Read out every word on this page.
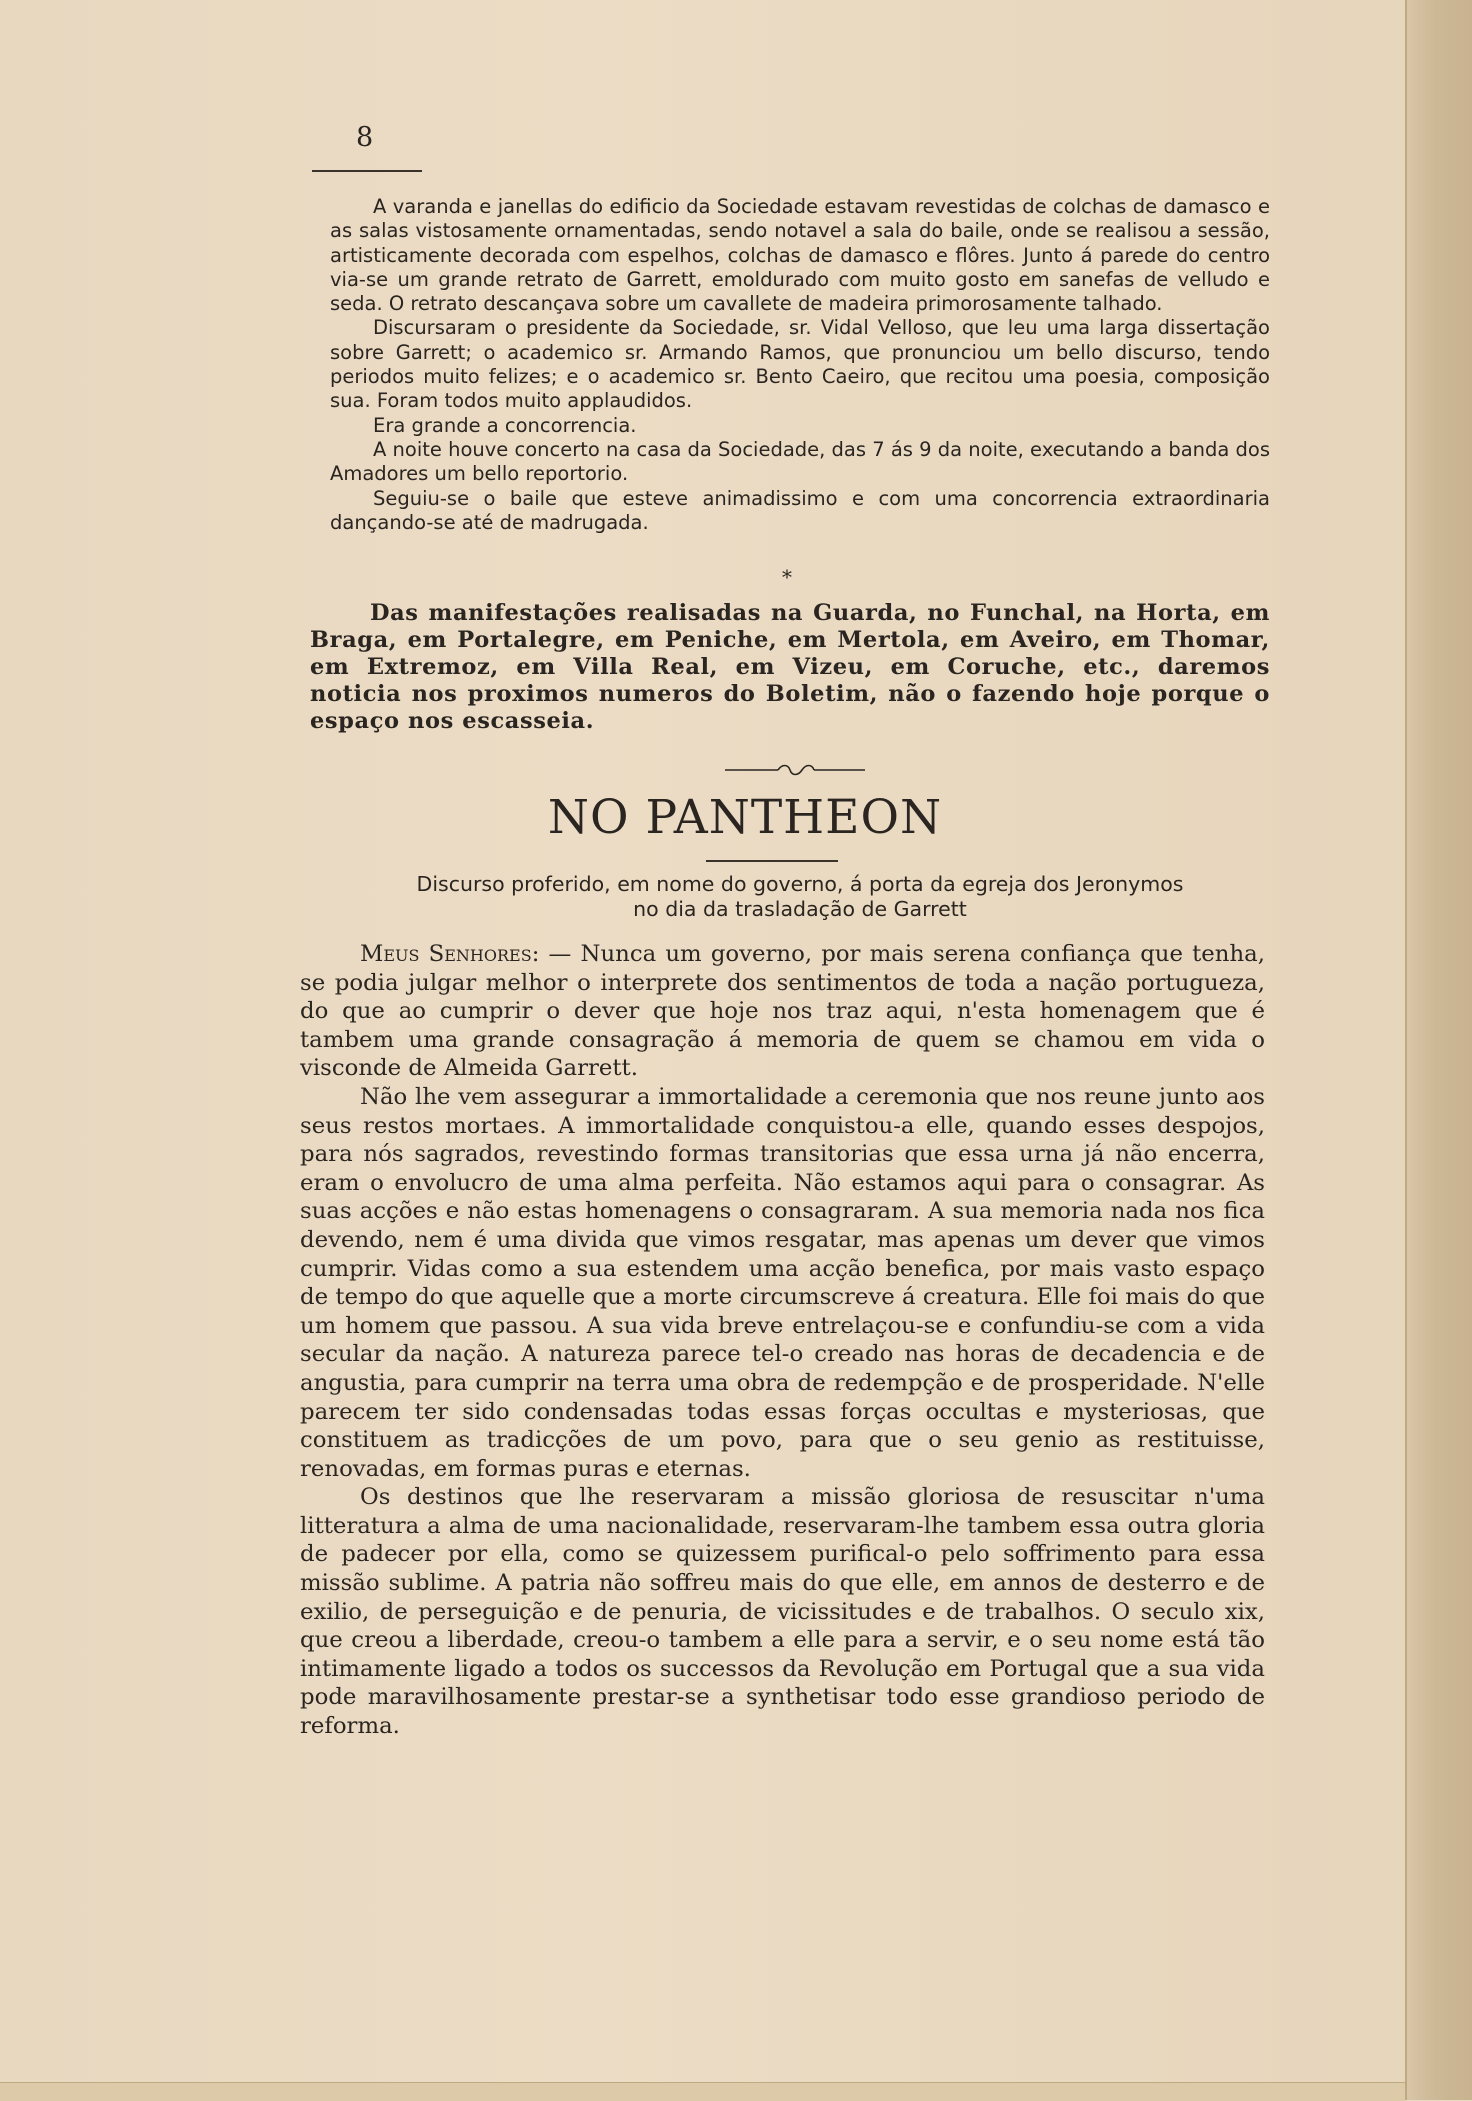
8

A varanda e janellas do edificio da Sociedade estavam revestidas de colchas de damasco e as salas vistosamente ornamentadas, sendo notavel a sala do baile, onde se realisou a sessão, artisticamente decorada com espelhos, colchas de damasco e flôres. Junto á parede do centro via-se um grande retrato de Garrett, emoldurado com muito gosto em sanefas de velludo e seda. O retrato descançava sobre um cavallete de madeira primorosamente talhado.

Discursaram o presidente da Sociedade, sr. Vidal Velloso, que leu uma larga dissertação sobre Garrett; o academico sr. Armando Ramos, que pronunciou um bello discurso, tendo periodos muito felizes; e o academico sr. Bento Caeiro, que recitou uma poesia, composição sua. Foram todos muito applaudidos.

Era grande a concorrencia.

A noite houve concerto na casa da Sociedade, das 7 ás 9 da noite, executando a banda dos Amadores um bello reportorio.

Seguiu-se o baile que esteve animadissimo e com uma concorrencia extraordinaria dançando-se até de madrugada.

*
Das manifestações realisadas na Guarda, no Funchal, na Horta, em Braga, em Portalegre, em Peniche, em Mertola, em Aveiro, em Thomar, em Extremoz, em Villa Real, em Vizeu, em Coruche, etc., daremos noticia nos proximos numeros do Boletim, não o fazendo hoje porque o espaço nos escasseia.
NO PANTHEON
Discurso proferido, em nome do governo, á porta da egreja dos Jeronymos
no dia da trasladação de Garrett

Meus Senhores: — Nunca um governo, por mais serena confiança que tenha, se podia julgar melhor o interprete dos sentimentos de toda a nação portugueza, do que ao cumprir o dever que hoje nos traz aqui, n'esta homenagem que é tambem uma grande consagração á memoria de quem se chamou em vida o visconde de Almeida Garrett.

Não lhe vem assegurar a immortalidade a ceremonia que nos reune junto aos seus restos mortaes. A immortalidade conquistou-a elle, quando esses despojos, para nós sagrados, revestindo formas transitorias que essa urna já não encerra, eram o envolucro de uma alma perfeita. Não estamos aqui para o consagrar. As suas acções e não estas homenagens o consagraram. A sua memoria nada nos fica devendo, nem é uma divida que vimos resgatar, mas apenas um dever que vimos cumprir. Vidas como a sua estendem uma acção benefica, por mais vasto espaço de tempo do que aquelle que a morte circumscreve á creatura. Elle foi mais do que um homem que passou. A sua vida breve entrelaçou-se e confundiu-se com a vida secular da nação. A natureza parece tel-o creado nas horas de decadencia e de angustia, para cumprir na terra uma obra de redempção e de prosperidade. N'elle parecem ter sido condensadas todas essas forças occultas e mysteriosas, que constituem as tradicções de um povo, para que o seu genio as restituisse, renovadas, em formas puras e eternas.

Os destinos que lhe reservaram a missão gloriosa de resuscitar n'uma litteratura a alma de uma nacionalidade, reservaram-lhe tambem essa outra gloria de padecer por ella, como se quizessem purifical-o pelo soffrimento para essa missão sublime. A patria não soffreu mais do que elle, em annos de desterro e de exilio, de perseguição e de penuria, de vicissitudes e de trabalhos. O seculo xix, que creou a liberdade, creou-o tambem a elle para a servir, e o seu nome está tão intimamente ligado a todos os successos da Revolução em Portugal que a sua vida pode maravilhosamente prestar-se a synthetisar todo esse grandioso periodo de reforma.
